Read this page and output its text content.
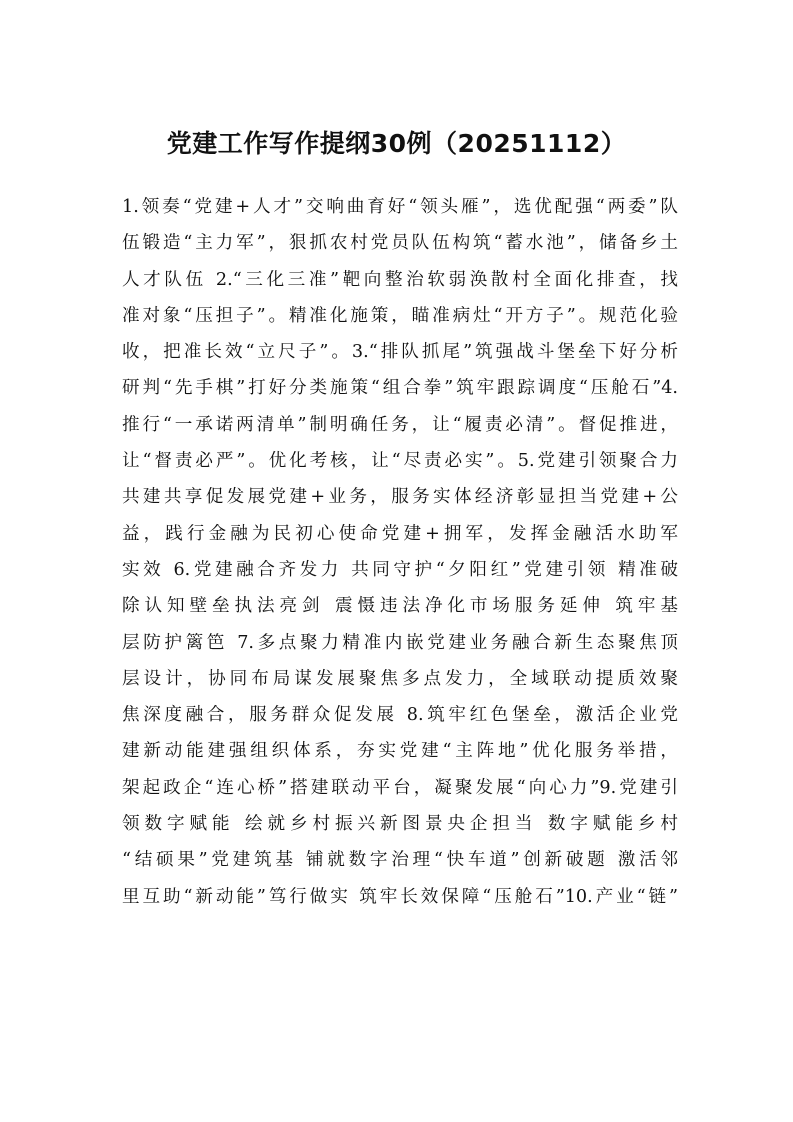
党建工作写作提纲30例（20251112）
1.领奏“党建+人才”交响曲育好“领头雁”，选优配强“两委”队
伍锻造“主力军”，狠抓农村党员队伍构筑“蓄水池”，储备乡土
人才队伍 2.“三化三准”靶向整治软弱涣散村全面化排查，找
准对象“压担子”。精准化施策，瞄准病灶“开方子”。规范化验
收，把准长效“立尺子”。3.“排队抓尾”筑强战斗堡垒下好分析
研判“先手棋”打好分类施策“组合拳”筑牢跟踪调度“压舱石”4.
推行“一承诺两清单”制明确任务，让“履责必清”。督促推进，
让“督责必严”。优化考核，让“尽责必实”。5.党建引领聚合力
共建共享促发展党建+业务，服务实体经济彰显担当党建+公
益，践行金融为民初心使命党建+拥军，发挥金融活水助军
实效 6.党建融合齐发力 共同守护“夕阳红”党建引领 精准破
除认知壁垒执法亮剑 震慑违法净化市场服务延伸 筑牢基
层防护篱笆 7.多点聚力精准内嵌党建业务融合新生态聚焦顶
层设计，协同布局谋发展聚焦多点发力，全域联动提质效聚
焦深度融合，服务群众促发展 8.筑牢红色堡垒，激活企业党
建新动能建强组织体系，夯实党建“主阵地”优化服务举措，
架起政企“连心桥”搭建联动平台，凝聚发展“向心力”9.党建引
领数字赋能 绘就乡村振兴新图景央企担当 数字赋能乡村
“结硕果”党建筑基 铺就数字治理“快车道”创新破题 激活邻
里互助“新动能”笃行做实 筑牢长效保障“压舱石”10.产业“链”
